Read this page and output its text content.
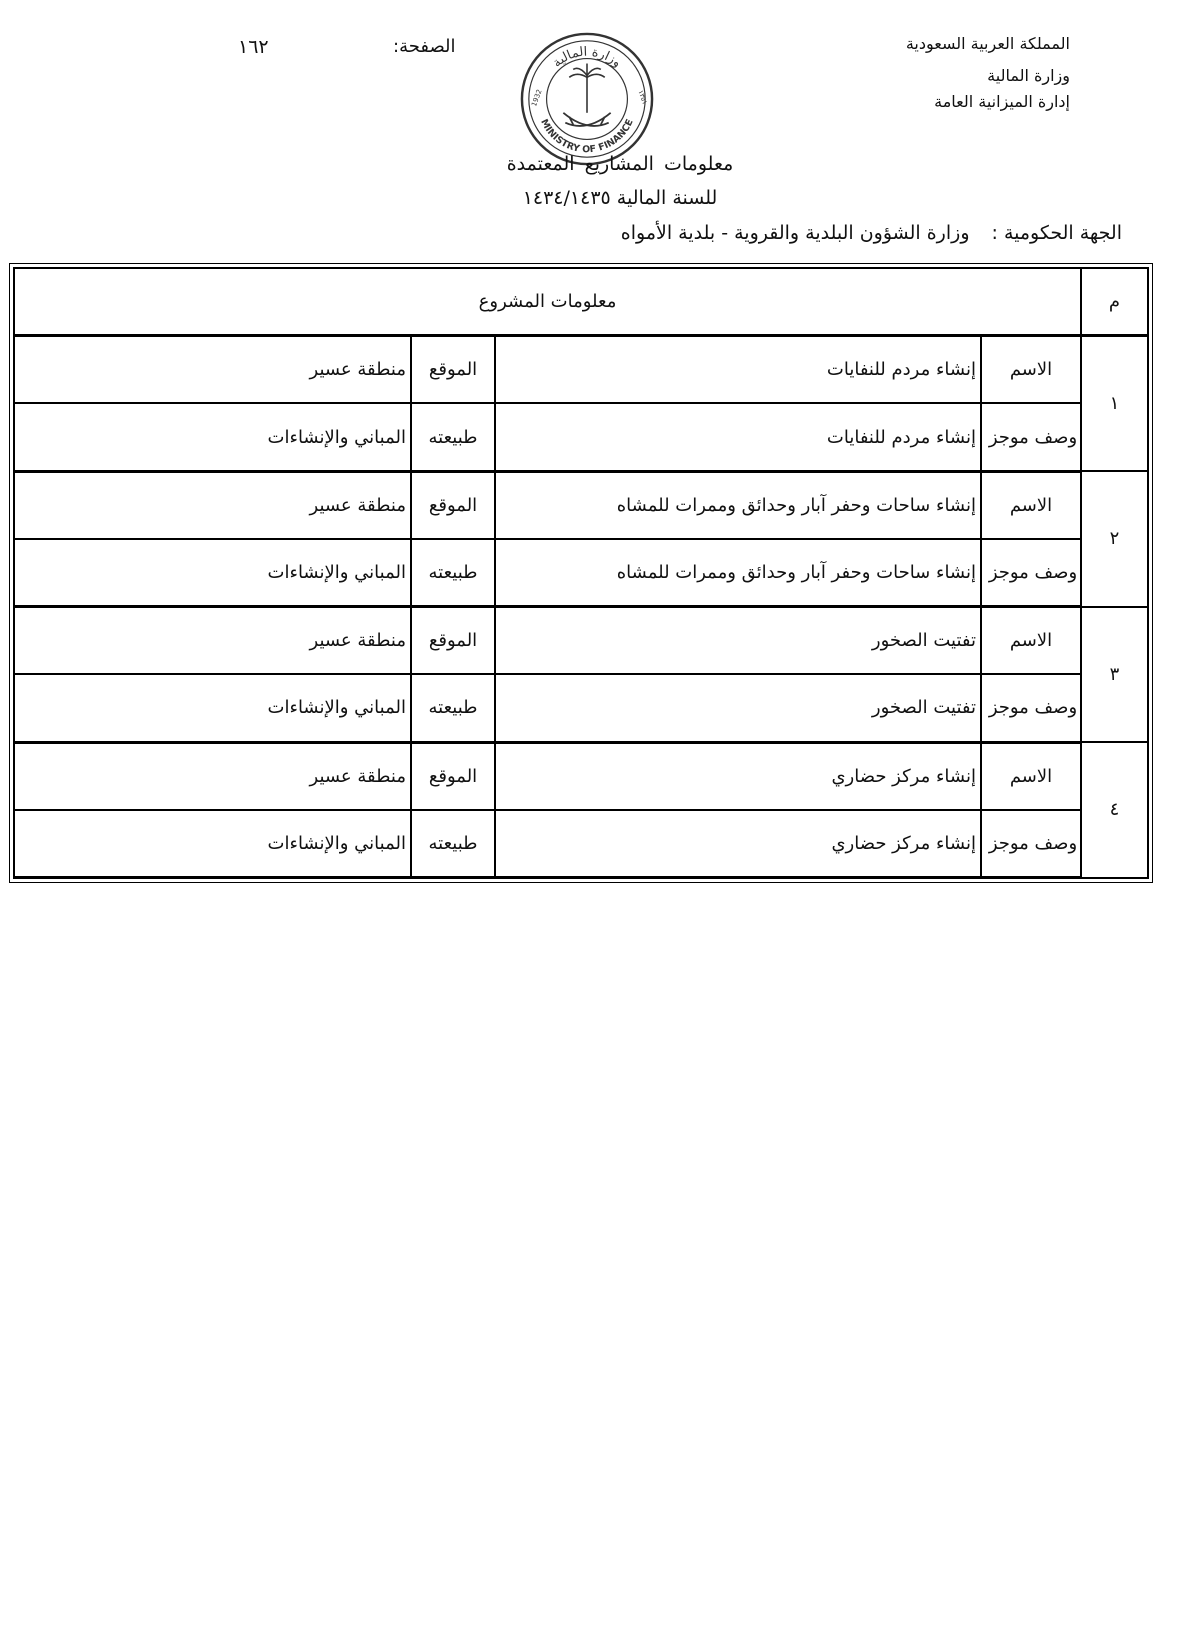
المملكة العربية السعودية
وزارة المالية
إدارة الميزانية العامة
الصفحة:
١٦٢
وزارة المالية
MINISTRY OF FINANCE
1932	١٣٥١
معلومات المشاريع المعتمدة
للسنة المالية ١٤٣٤/١٤٣٥
الجهة الحكومية :وزارة الشؤون البلدية والقروية - بلدية الأمواه
م	معلومات المشروع			
١	الاسم	إنشاء مردم للنفايات	الموقع	منطقة عسير
	وصف موجز	إنشاء مردم للنفايات	طبيعته	المباني والإنشاءات
٢	الاسم	إنشاء ساحات وحفر آبار وحدائق وممرات للمشاه	الموقع	منطقة عسير
	وصف موجز	إنشاء ساحات وحفر آبار وحدائق وممرات للمشاه	طبيعته	المباني والإنشاءات
٣	الاسم	تفتيت الصخور	الموقع	منطقة عسير
	وصف موجز	تفتيت الصخور	طبيعته	المباني والإنشاءات
٤	الاسم	إنشاء مركز حضاري	الموقع	منطقة عسير
	وصف موجز	إنشاء مركز حضاري	طبيعته	المباني والإنشاءات
